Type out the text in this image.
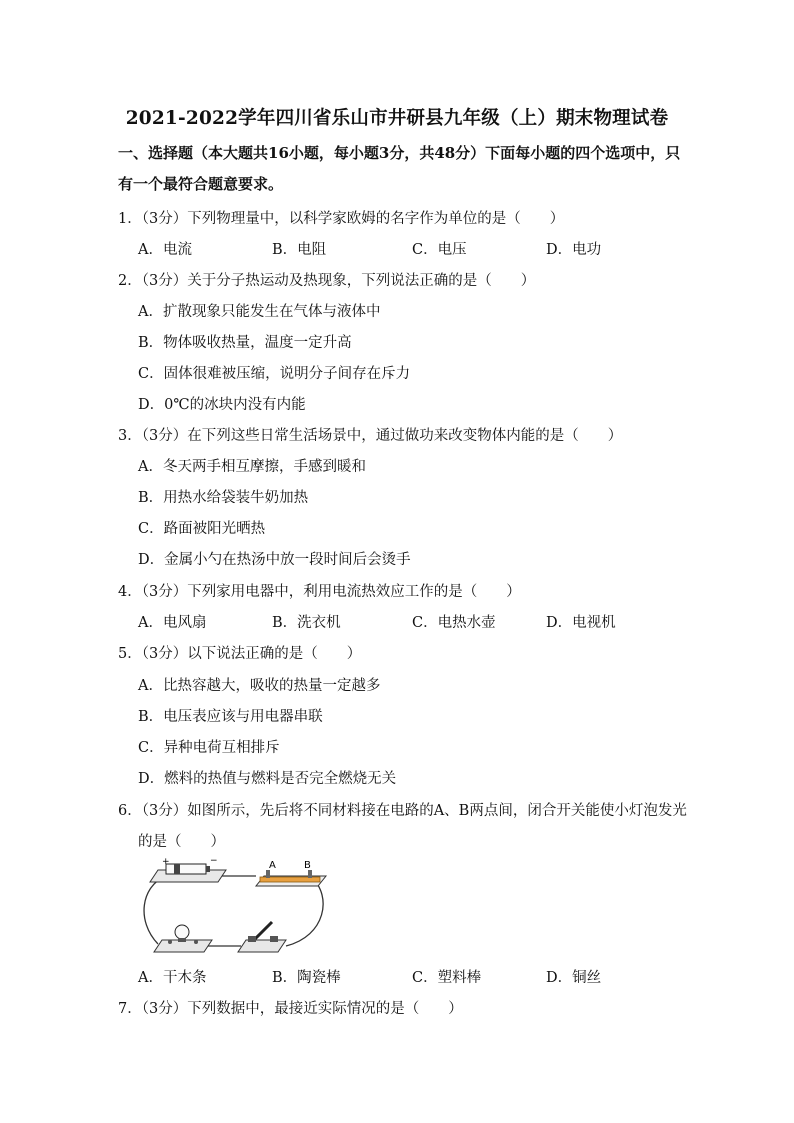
2021-2022学年四川省乐山市井研县九年级（上）期末物理试卷
一、选择题（本大题共16小题，每小题3分，共48分）下面每小题的四个选项中，只有一个最符合题意要求。
1．（3分）下列物理量中，以科学家欧姆的名字作为单位的是（　　）
A．电流	B．电阻	C．电压	D．电功
2．（3分）关于分子热运动及热现象，下列说法正确的是（　　）
A．扩散现象只能发生在气体与液体中
B．物体吸收热量，温度一定升高
C．固体很难被压缩，说明分子间存在斥力
D．0℃的冰块内没有内能
3．（3分）在下列这些日常生活场景中，通过做功来改变物体内能的是（　　）
A．冬天两手相互摩擦，手感到暖和
B．用热水给袋装牛奶加热
C．路面被阳光晒热
D．金属小勺在热汤中放一段时间后会烫手
4．（3分）下列家用电器中，利用电流热效应工作的是（　　）
A．电风扇	B．洗衣机	C．电热水壶	D．电视机
5．（3分）以下说法正确的是（　　）
A．比热容越大，吸收的热量一定越多
B．电压表应该与用电器串联
C．异种电荷互相排斥
D．燃料的热值与燃料是否完全燃烧无关
6．（3分）如图所示，先后将不同材料接在电路的A、B两点间，闭合开关能使小灯泡发光
的是（　　）
+	−	A	B
A．干木条	B．陶瓷棒	C．塑料棒	D．铜丝
7．（3分）下列数据中，最接近实际情况的是（　　）
